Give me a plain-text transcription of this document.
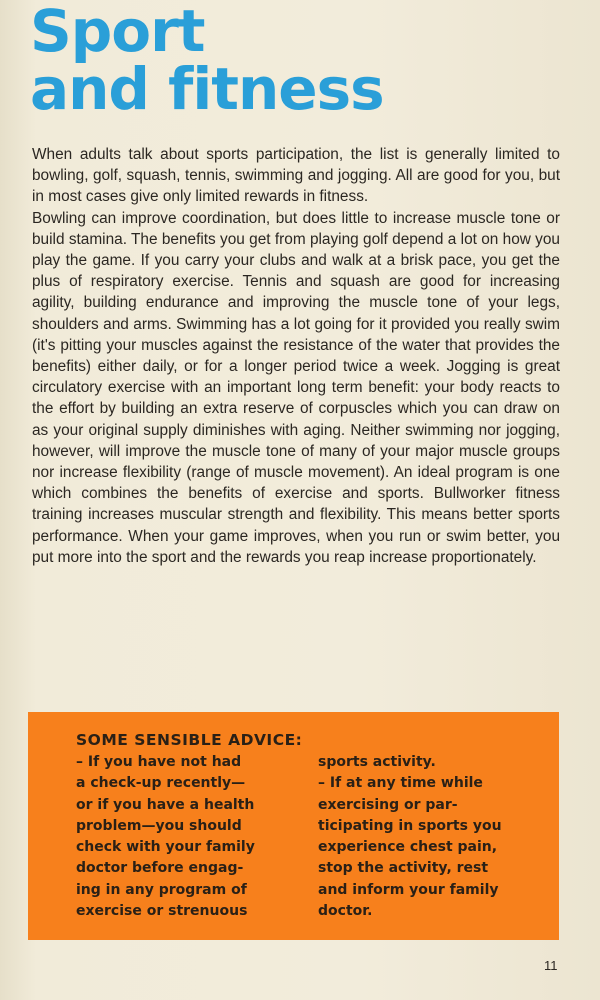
Sport
and fitness

When adults talk about sports participation, the list is generally limited to bowling, golf, squash, tennis, swimming and jogging. All are good for you, but in most cases give only limited rewards in fitness.

Bowling can improve coordination, but does little to increase muscle tone or build stamina. The benefits you get from playing golf depend a lot on how you play the game. If you carry your clubs and walk at a brisk pace, you get the plus of respiratory exercise. Tennis and squash are good for increasing agility, building endurance and improving the muscle tone of your legs, shoulders and arms. Swimming has a lot going for it provided you really swim (it's pitting your muscles against the resistance of the water that provides the benefits) either daily, or for a longer period twice a week. Jogging is great circulatory exercise with an important long term benefit: your body reacts to the effort by building an extra reserve of corpuscles which you can draw on as your original supply diminishes with aging. Neither swimming nor jogging, however, will improve the muscle tone of many of your major muscle groups nor increase flexibility (range of muscle movement). An ideal program is one which combines the benefits of exercise and sports. Bullworker fitness training increases muscular strength and flexibility. This means better sports performance. When your game improves, when you run or swim better, you put more into the sport and the rewards you reap increase proportionately.

SOME SENSIBLE ADVICE:
– If you have not had
a check-up recently—
or if you have a health
problem—you should
check with your family
doctor before engag-
ing in any program of
exercise or strenuous
sports activity.
– If at any time while
exercising or par-
ticipating in sports you
experience chest pain,
stop the activity, rest
and inform your family
doctor.
11
